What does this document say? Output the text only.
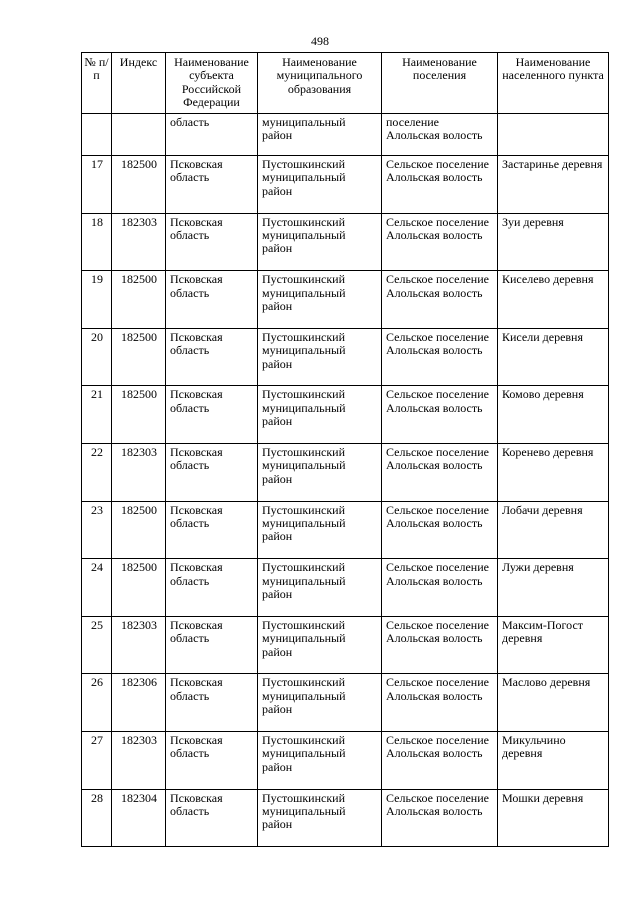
498
№ п/п	Индекс	Наименование субъекта Российской Федерации	Наименование муниципального образования	Наименование поселения	Наименование населенного пункта
		область	муниципальный район	поселение Алольская волость	
17	182500	Псковская область	Пустошкинский муниципальный район	Сельское поселение Алольская волость	Застаринье деревня
18	182303	Псковская область	Пустошкинский муниципальный район	Сельское поселение Алольская волость	Зуи деревня
19	182500	Псковская область	Пустошкинский муниципальный район	Сельское поселение Алольская волость	Киселево деревня
20	182500	Псковская область	Пустошкинский муниципальный район	Сельское поселение Алольская волость	Кисели деревня
21	182500	Псковская область	Пустошкинский муниципальный район	Сельское поселение Алольская волость	Комово деревня
22	182303	Псковская область	Пустошкинский муниципальный район	Сельское поселение Алольская волость	Коренево деревня
23	182500	Псковская область	Пустошкинский муниципальный район	Сельское поселение Алольская волость	Лобачи деревня
24	182500	Псковская область	Пустошкинский муниципальный район	Сельское поселение Алольская волость	Лужи деревня
25	182303	Псковская область	Пустошкинский муниципальный район	Сельское поселение Алольская волость	Максим-Погост деревня
26	182306	Псковская область	Пустошкинский муниципальный район	Сельское поселение Алольская волость	Маслово деревня
27	182303	Псковская область	Пустошкинский муниципальный район	Сельское поселение Алольская волость	Микульчино деревня
28	182304	Псковская область	Пустошкинский муниципальный район	Сельское поселение Алольская волость	Мошки деревня
